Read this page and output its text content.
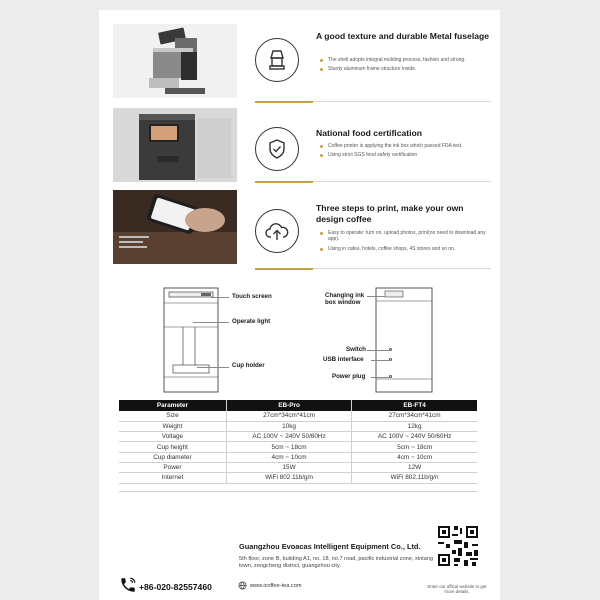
A good texture and durable Metal fuselage
The shell adopts integral molding process, fashion and strong.
Sturdy aluminum frame structure inside.
National food certification
Coffee printer is applying the ink box which passed FDA test.
Using strict SGS food safety certification
Three steps to print, make your own design coffee
Easy to operate: turn on, upload photos, print(no need to download any app).
Using in cafes, hotels, coffee shops, 4S stores and so on.
Touch screen
Operate light
Cup holder
Changing ink box window
Switch
USB interface
Power plug
Parameter	EB-Pro	EB-FT4
Size	27cm*34cm*41cm	27cm*34cm*41cm
Weight	10kg	12kg
Voltage	AC 100V ~ 240V 50/60Hz	AC 100V ~ 240V 50/60Hz
Cup height	5cm ~ 18cm	5cm ~ 18cm
Cup diameter	4cm ~ 10cm	4cm ~ 10cm
Power	15W	12W
Internet	WiFi 802.11b/g/n	WiFi 802.11b/g/n
Guangzhou Evoacas Intelligent Equipment Co., Ltd.
5th floor, zone B, building A1, no. 18, no.7 road, pacific industrial zone, xintang town, zengcheng district, guangzhou city.
+86-020-82557460	www.icoffee-tea.com	Enter our offical website to get more details.
